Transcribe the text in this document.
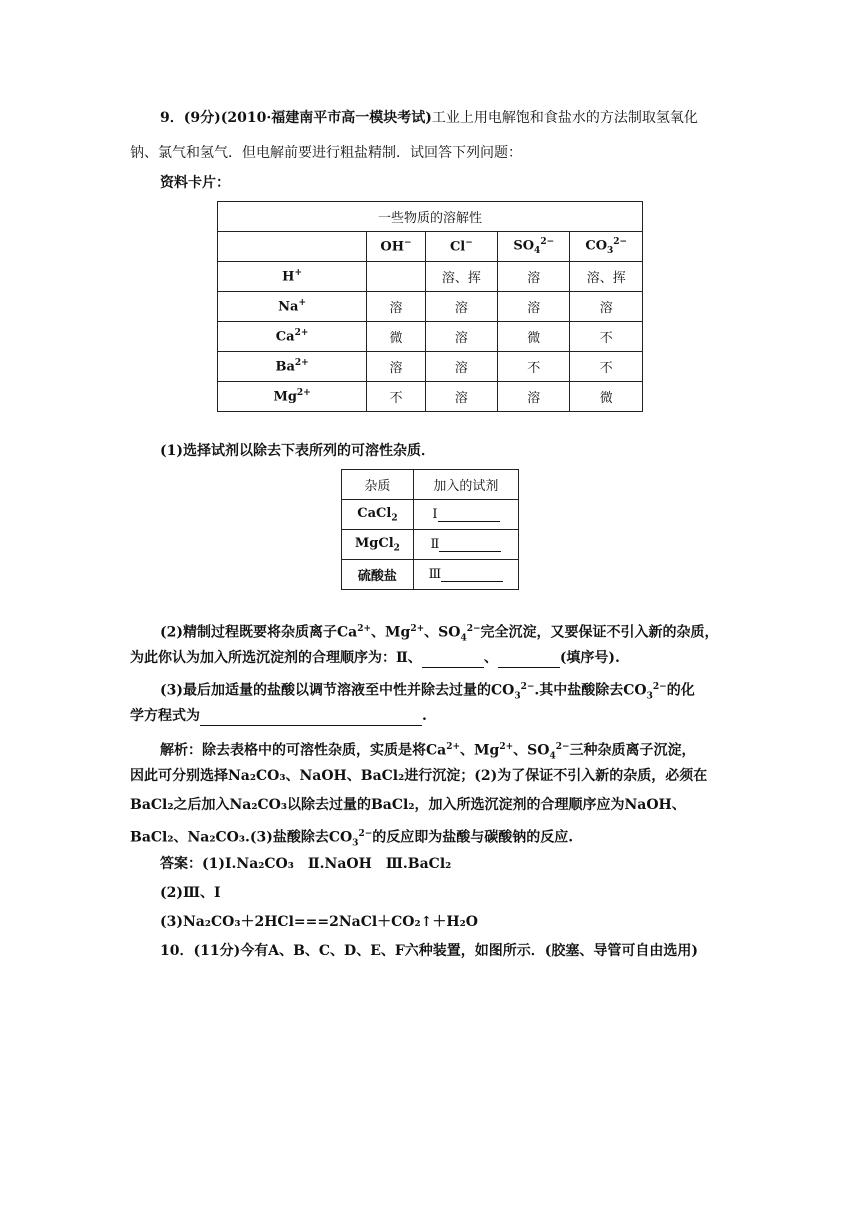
9．(9分)(2010·福建南平市高一模块考试)工业上用电解饱和食盐水的方法制取氢氧化
钠、氯气和氢气．但电解前要进行粗盐精制．试回答下列问题：
资料卡片：
一些物质的溶解性				
	OH−	Cl−	$SO_4^{2-}$	$CO_3^{2-}$
H+		溶、挥	溶	溶、挥
Na+	溶	溶	溶	溶
$Ca^{2+}$	微	溶	微	不
$Ba^{2+}$	溶	溶	不	不
$Mg^{2+}$	不	溶	溶	微
(1)选择试剂以除去下表所列的可溶性杂质．
杂质	加入的试剂
CaCl$_2$	Ⅰ
MgCl$_2$	Ⅱ
硫酸盐	Ⅲ
(2)精制过程既要将杂质离子$Ca^{2+}$、$Mg^{2+}$、$SO_4^{2-}$完全沉淀，又要保证不引入新的杂质，
为此你认为加入所选沉淀剂的合理顺序为：Ⅱ、	、	(填序号).
(3)最后加适量的盐酸以调节溶液至中性并除去过量的$CO_3^{2-}$.其中盐酸除去$CO_3^{2-}$的化
学方程式为	.
解析：除去表格中的可溶性杂质，实质是将$Ca^{2+}$、$Mg^{2+}$、$SO_4^{2-}$三种杂质离子沉淀，
因此可分别选择Na₂CO₃、NaOH、BaCl₂进行沉淀；(2)为了保证不引入新的杂质，必须在
BaCl₂之后加入Na₂CO₃以除去过量的BaCl₂，加入所选沉淀剂的合理顺序应为NaOH、
BaCl₂、Na₂CO₃.(3)盐酸除去$CO_3^{2-}$的反应即为盐酸与碳酸钠的反应.
答案：(1)Ⅰ.Na₂CO₃　Ⅱ.NaOH　Ⅲ.BaCl₂
(2)Ⅲ、Ⅰ
(3)Na₂CO₃＋2HCl===2NaCl＋CO₂↑＋H₂O
10．(11分)今有A、B、C、D、E、F六种装置，如图所示．(胶塞、导管可自由选用)
